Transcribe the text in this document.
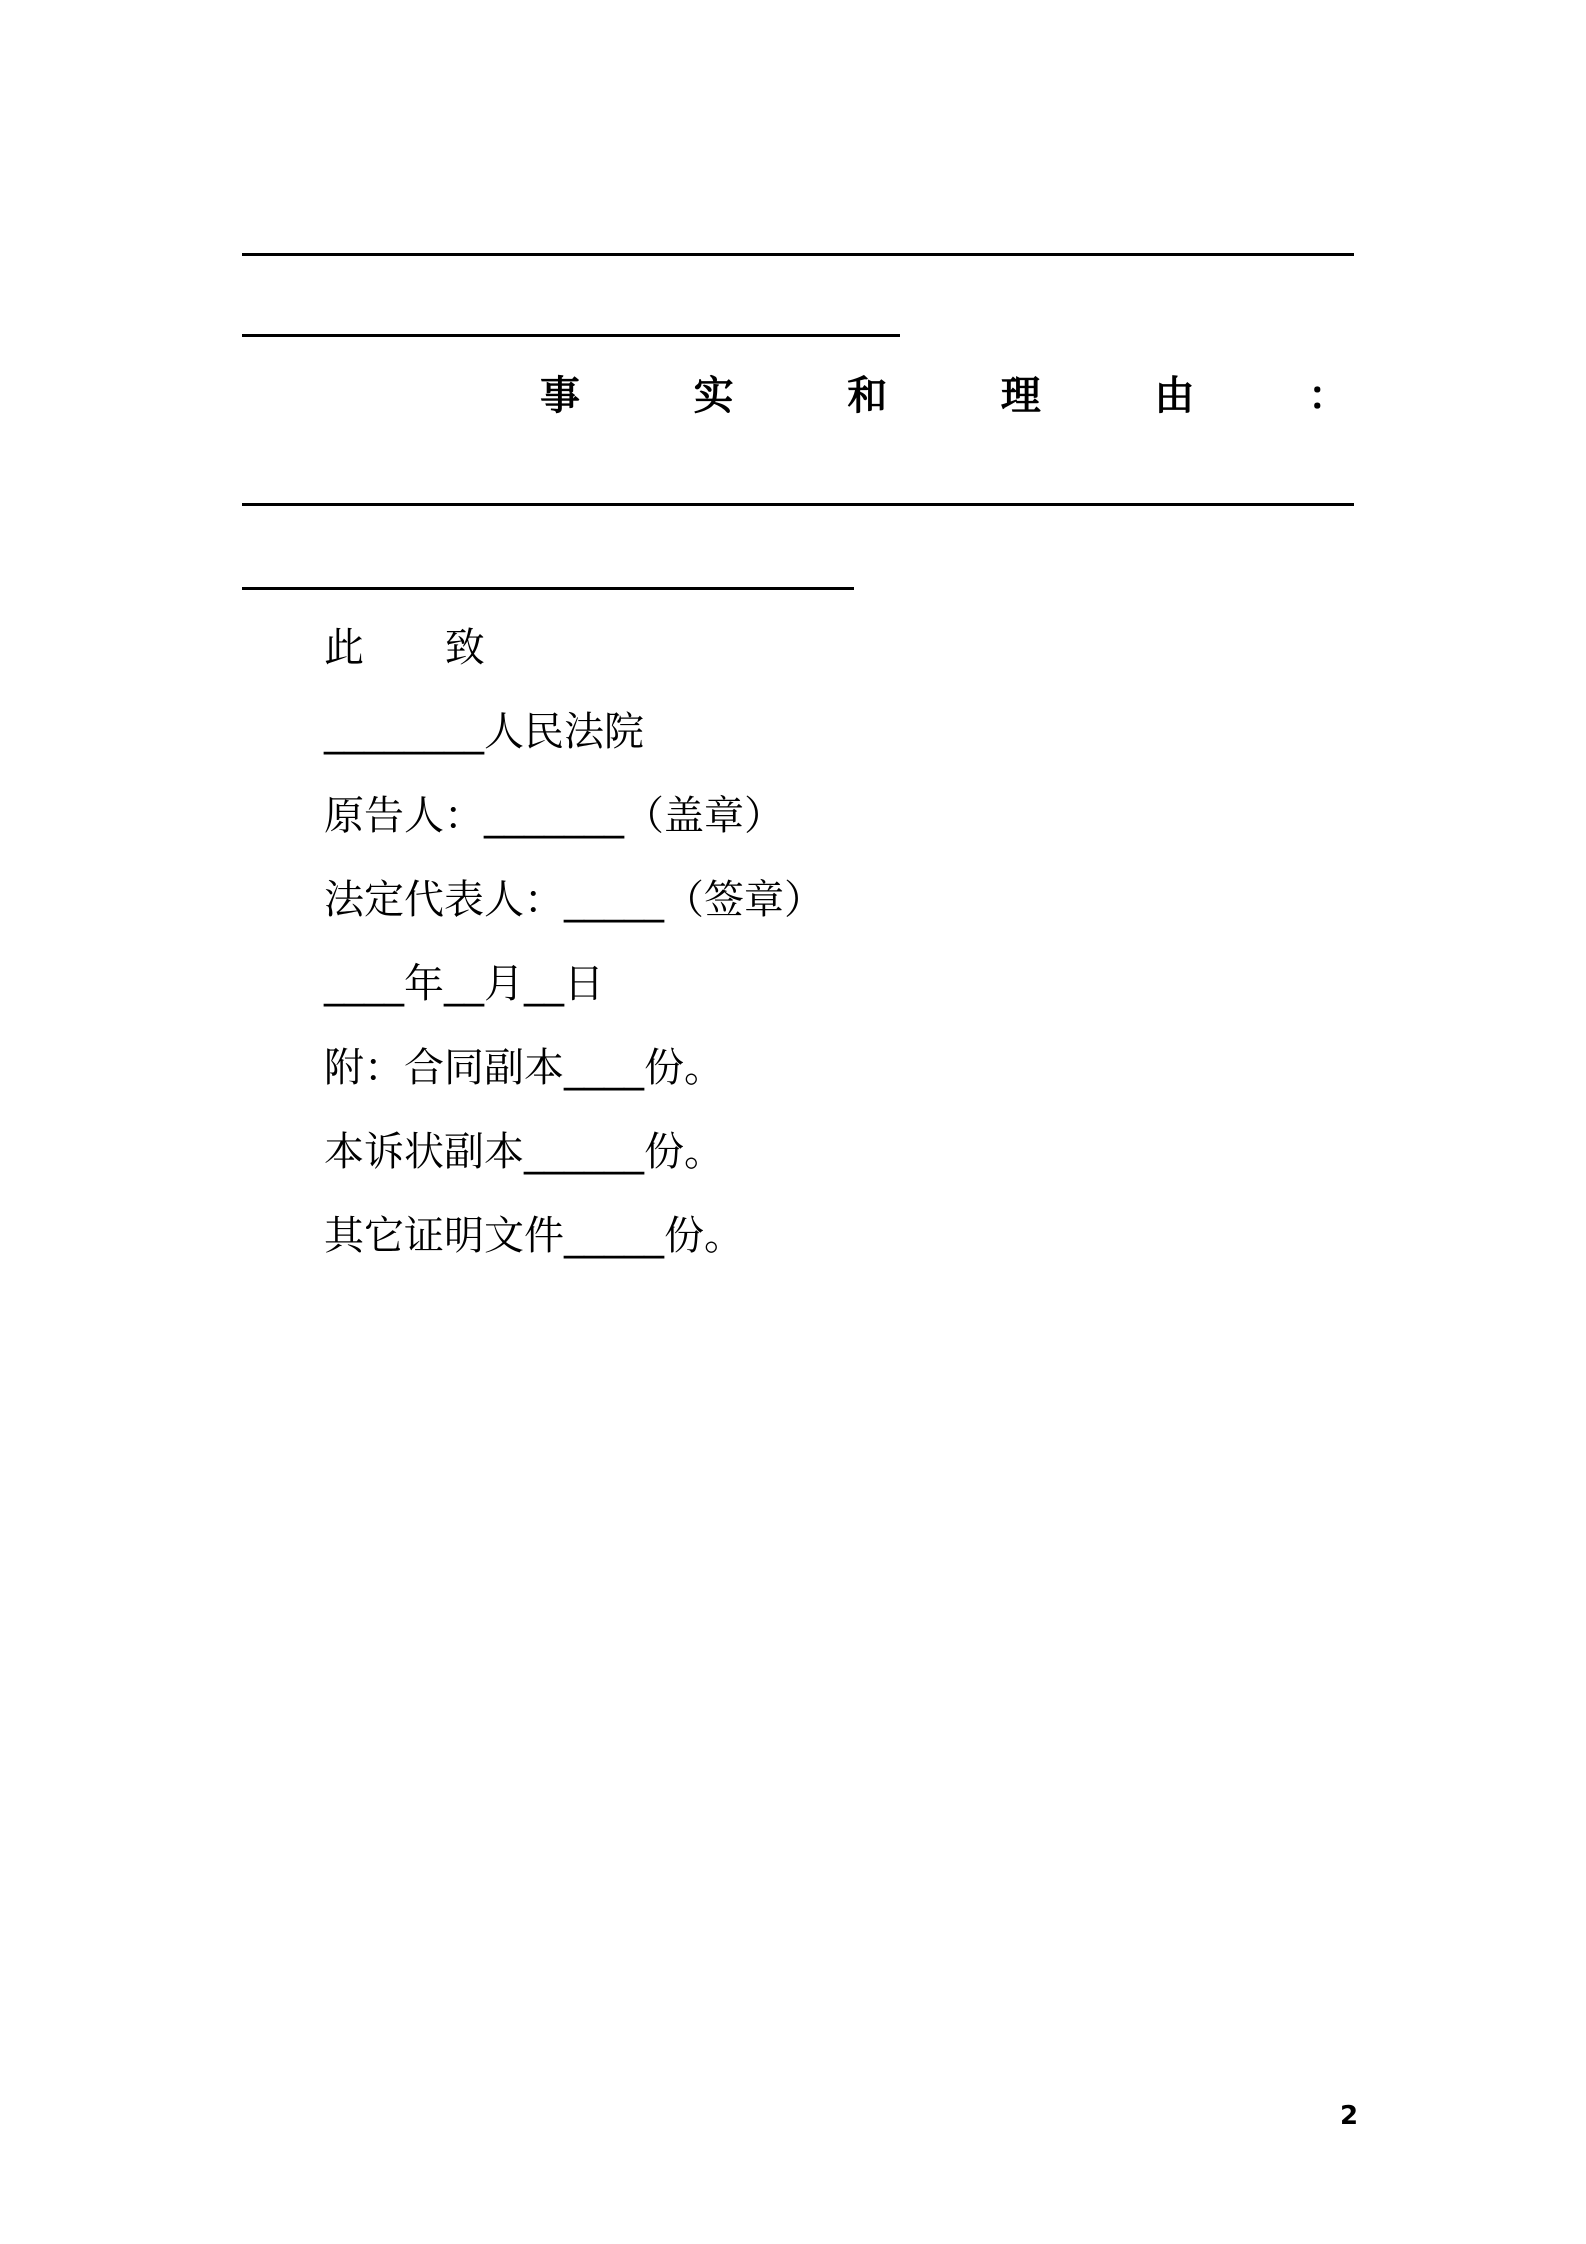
事	实	和	理	由	：
此 致
________人民法院
原告人：_______（盖章）
法定代表人：_____（签章）
____年__月__日
附：合同副本____份。
本诉状副本______份。
其它证明文件_____份。
2
